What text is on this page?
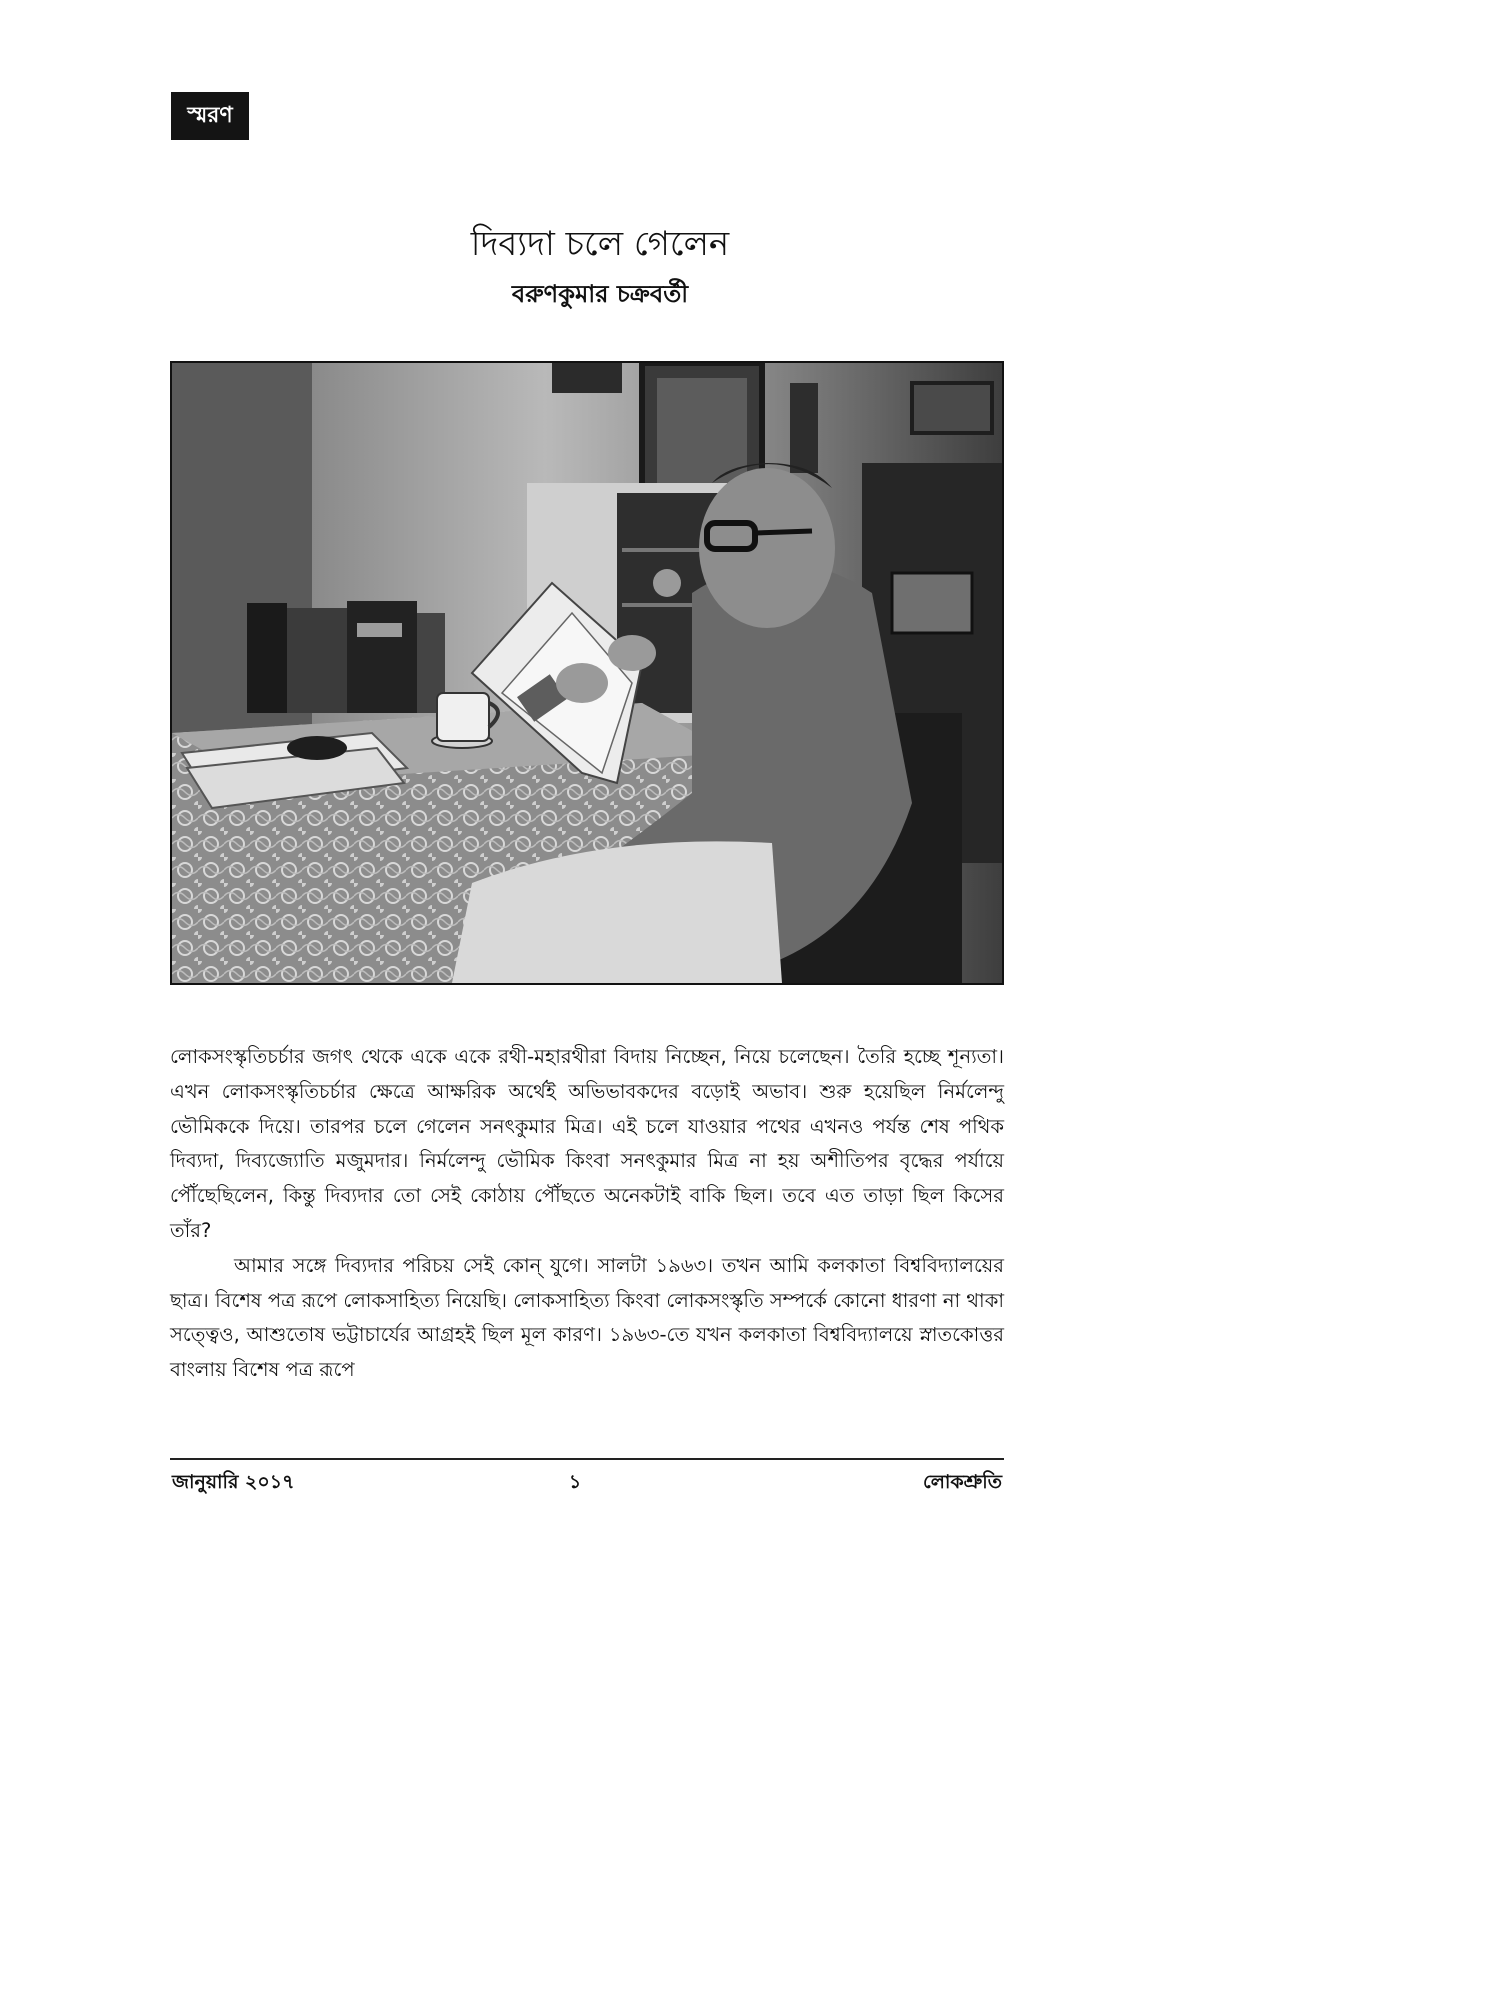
স্মরণ
দিব্যদা চলে গেলেন
বরুণকুমার চক্রবর্তী

লোকসংস্কৃতিচর্চার জগৎ থেকে একে একে রথী-মহারথীরা বিদায় নিচ্ছেন, নিয়ে চলেছেন। তৈরি হচ্ছে শূন্যতা। এখন লোকসংস্কৃতিচর্চার ক্ষেত্রে আক্ষরিক অর্থেই অভিভাবকদের বড়োই অভাব। শুরু হয়েছিল নির্মলেন্দু ভৌমিককে দিয়ে। তারপর চলে গেলেন সনৎকুমার মিত্র। এই চলে যাওয়ার পথের এখনও পর্যন্ত শেষ পথিক দিব্যদা, দিব্যজ্যোতি মজুমদার। নির্মলেন্দু ভৌমিক কিংবা সনৎকুমার মিত্র না হয় অশীতিপর বৃদ্ধের পর্যায়ে পৌঁছেছিলেন, কিন্তু দিব্যদার তো সেই কোঠায় পৌঁছতে অনেকটাই বাকি ছিল। তবে এত তাড়া ছিল কিসের তাঁর?

আমার সঙ্গে দিব্যদার পরিচয় সেই কোন্ যুগে। সালটা ১৯৬৩। তখন আমি কলকাতা বিশ্ববিদ্যালয়ের ছাত্র। বিশেষ পত্র রূপে লোকসাহিত্য নিয়েছি। লোকসাহিত্য কিংবা লোকসংস্কৃতি সম্পর্কে কোনো ধারণা না থাকা সত্ত্বেও, আশুতোষ ভট্টাচার্যের আগ্রহই ছিল মূল কারণ। ১৯৬৩-তে যখন কলকাতা বিশ্ববিদ্যালয়ে স্নাতকোত্তর বাংলায় বিশেষ পত্র রূপে

জানুয়ারি ২০১৭	১	লোকশ্রুতি
